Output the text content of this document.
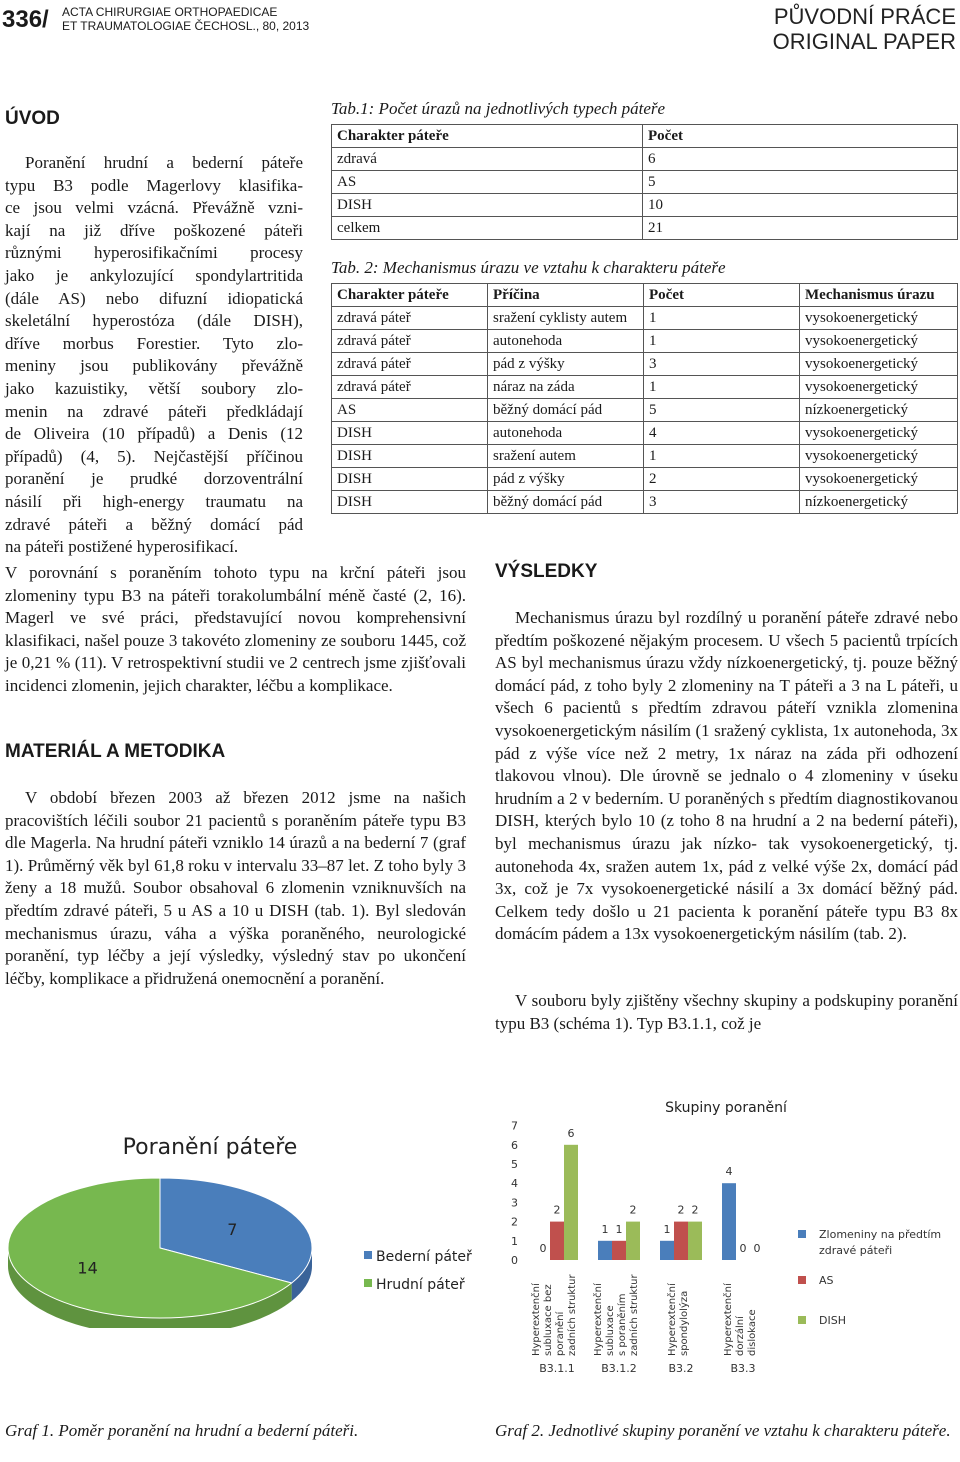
336/ ACTA CHIRURGIAE ORTHOPAEDICAE
ET TRAUMATOLOGIAE ČECHOSL., 80, 2013	PŮVODNÍ PRÁCE
ORIGINAL PAPER
ÚVOD
Poranění hrudní a bederní páteře
typu B3 podle Magerlovy klasifika-
ce jsou velmi vzácná. Převážně vzni-
kají na již dříve poškozené páteři
různými hyperosifikačními procesy
jako je ankylozující spondylartritida
(dále AS) nebo difuzní idiopatická
skeletální hyperostóza (dále DISH),
dříve morbus Forestier. Tyto zlo-
meniny jsou publikovány převážně
jako kazuistiky, větší soubory zlo-
menin na zdravé páteři předkládají
de Oliveira (10 případů) a Denis (12
případů) (4, 5). Nejčastější příčinou
poranění je prudké dorzoventrální
násilí při high-energy traumatu na
zdravé páteři a běžný domácí pád
na páteři postižené hyperosifikací.

V porovnání s poraněním tohoto typu na krční páteři jsou zlomeniny typu B3 na páteři torakolumbální méně časté (2, 16). Magerl ve své práci, představující novou komprehensivní klasifikaci, našel pouze 3 takovéto zlomeniny ze souboru 1445, což je 0,21 % (11). V retrospektivní studii ve 2 centrech jsme zjišťovali incidenci zlomenin, jejich charakter, léčbu a komplikace.

MATERIÁL A METODIKA

V období březen 2003 až březen 2012 jsme na našich pracovištích léčili soubor 21 pacientů s poraněním páteře typu B3 dle Magerla. Na hrudní páteři vzniklo 14 úrazů a na bederní 7 (graf 1). Průměrný věk byl 61,8 roku v intervalu 33–87 let. Z toho byly 3 ženy a 18 mužů. Soubor obsahoval 6 zlomenin vzniknuvších na předtím zdravé páteři, 5 u AS a 10 u DISH (tab. 1). Byl sledován mechanismus úrazu, váha a výška poraněného, neurologické poranění, typ léčby a její výsledky, výsledný stav po ukončení léčby, komplikace a přidružená onemocnění a poranění.

Tab.1: Počet úrazů na jednotlivých typech páteře
Charakter páteře	Počet
zdravá	6
AS	5
DISH	10
celkem	21
Tab. 2: Mechanismus úrazu ve vztahu k charakteru páteře
Charakter páteře	Příčina	Počet	Mechanismus úrazu
zdravá páteř	sražení cyklisty autem	1	vysokoenergetický
zdravá páteř	autonehoda	1	vysokoenergetický
zdravá páteř	pád z výšky	3	vysokoenergetický
zdravá páteř	náraz na záda	1	vysokoenergetický
AS	běžný domácí pád	5	nízkoenergetický
DISH	autonehoda	4	vysokoenergetický
DISH	sražení autem	1	vysokoenergetický
DISH	pád z výšky	2	vysokoenergetický
DISH	běžný domácí pád	3	nízkoenergetický
VÝSLEDKY

Mechanismus úrazu byl rozdílný u poranění páteře zdravé nebo předtím poškozené nějakým procesem. U všech 5 pacientů trpících AS byl mechanismus úrazu vždy nízkoenergetický, tj. pouze běžný domácí pád, z toho byly 2 zlomeniny na T páteři a 3 na L páteři, u všech 6 pacientů s předtím zdravou páteří vznikla zlomenina vysokoenergetickým násilím (1 sražený cyklista, 1x autonehoda, 3x pád z výše více než 2 metry, 1x náraz na záda při odhození tlakovou vlnou). Dle úrovně se jednalo o 4 zlomeniny v úseku hrudním a 2 v bederním. U poraněných s předtím diagnostikovanou DISH, kterých bylo 10 (z toho 8 na hrudní a 2 na bederní páteři), byl mechanismus úrazu jak nízko- tak vysokoenergetický, tj. autonehoda 4x, sražen autem 1x, pád z velké výše 2x, domácí pád 3x, což je 7x vysokoenergetické násilí a 3x domácí běžný pád. Celkem tedy došlo u 21 pacienta k poranění páteře typu B3 8x domácím pádem a 13x vysokoenergetickým násilím (tab. 2).

V souboru byly zjištěny všechny skupiny a podskupiny poranění typu B3 (schéma 1). Typ B3.1.1, což je

Poranění páteře
7
14
Bederní páteř
Hrudní páteř
Skupiny poranění
0
1
2
3
4
5
6
7
0
2
6
Hyperextenčnísubluxace bezporaněnízadních struktur
B3.1.1
1 1
2
Hyperextenčnísubluxaces poraněnímzadních struktur
B3.1.2
1
2 2
Hyperextenčníspondylolýza
B3.2
4
0 0
Hyperextenčnídorzálnídislokace
B3.3
Zlomeniny na předtím zdravé páteři
AS
DISH
Graf 1. Poměr poranění na hrudní a bederní páteři.	Graf 2. Jednotlivé skupiny poranění ve vztahu k charakteru páteře.
